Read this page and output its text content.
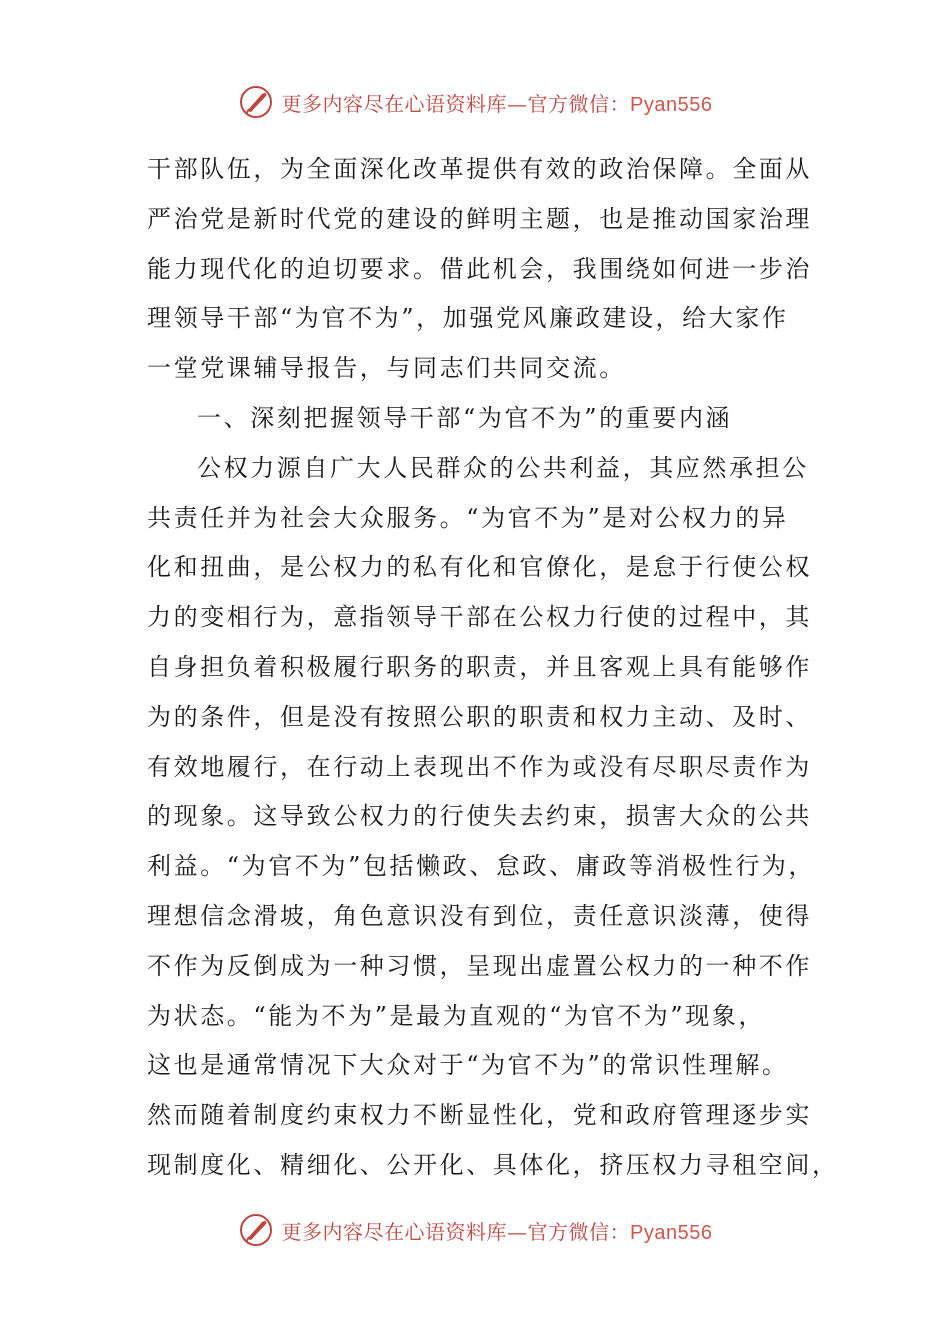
更多内容尽在心语资料库—官方微信：Pyan556
干部队伍，为全面深化改革提供有效的政治保障。全面从
严治党是新时代党的建设的鲜明主题，也是推动国家治理
能力现代化的迫切要求。借此机会，我围绕如何进一步治
理领导干部“为官不为”，加强党风廉政建设，给大家作
一堂党课辅导报告，与同志们共同交流。
一、深刻把握领导干部“为官不为”的重要内涵
公权力源自广大人民群众的公共利益，其应然承担公
共责任并为社会大众服务。“为官不为”是对公权力的异
化和扭曲，是公权力的私有化和官僚化，是怠于行使公权
力的变相行为，意指领导干部在公权力行使的过程中，其
自身担负着积极履行职务的职责，并且客观上具有能够作
为的条件，但是没有按照公职的职责和权力主动、及时、
有效地履行，在行动上表现出不作为或没有尽职尽责作为
的现象。这导致公权力的行使失去约束，损害大众的公共
利益。“为官不为”包括懒政、怠政、庸政等消极性行为，
理想信念滑坡，角色意识没有到位，责任意识淡薄，使得
不作为反倒成为一种习惯，呈现出虚置公权力的一种不作
为状态。“能为不为”是最为直观的“为官不为”现象，
这也是通常情况下大众对于“为官不为”的常识性理解。
然而随着制度约束权力不断显性化，党和政府管理逐步实
现制度化、精细化、公开化、具体化，挤压权力寻租空间，
更多内容尽在心语资料库—官方微信：Pyan556
